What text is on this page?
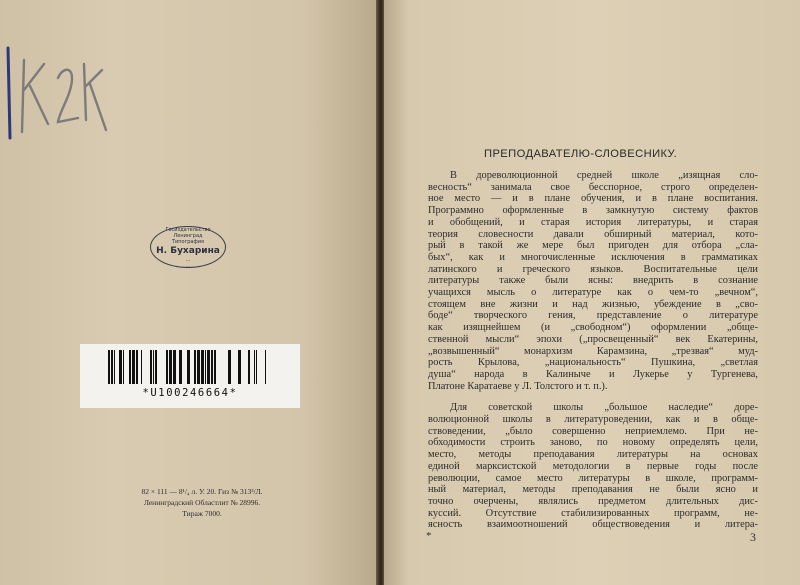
Госиздательство
Ленинград
Типография
Н. Бухарина
...
...
*U100246664*
82 × 111 — 8¹/₄ л. У. 20. Гиз № 313³/Л.
Ленинградский Областлит № 28996.
Тираж 7000.
ПРЕПОДАВАТЕЛЮ-СЛОВЕСНИКУ.
В дореволюционной средней школе „изящная сло-
весность“ занимала свое бесспорное, строго определен-
ное место — и в плане обучения, и в плане воспитания.
Программно оформленные в замкнутую систему фактов
и обобщений, и старая история литературы, и старая
теория словесности давали обширный материал, кото-
рый в такой же мере был пригоден для отбора „сла-
бых“, как и многочисленные исключения в грамматиках
латинского и греческого языков. Воспитательные цели
литературы также были ясны: внедрить в сознание
учащихся мысль о литературе как о чем-то „вечном“,
стоящем вне жизни и над жизнью, убеждение в „сво-
боде“ творческого гения, представление о литературе
как изящнейшем (и „свободном“) оформлении „обще-
ственной мысли“ эпохи („просвещенный“ век Екатерины,
„возвышенный“ монархизм Карамзина, „трезвая“ муд-
рость Крылова, „национальность“ Пушкина, „светлая
душа“ народа в Калиныче и Лукерье у Тургенева,
Платоне Каратаеве у Л. Толстого и т. п.).
Для советской школы „большое наследие“ доре-
волюционной школы в литературоведении, как и в обще-
ствоведении, „было совершенно неприемлемо. При не-
обходимости строить заново, по новому определять цели,
место, методы преподавания литературы на основах
единой марксистской методологии в первые годы после
революции, самое место литературы в школе, программ-
ный материал, методы преподавания не были ясно и
точно очерчены, являлись предметом длительных дис-
куссий. Отсутствие стабилизированных программ, не-
ясность взаимоотношений обществоведения и литера-
*	3
